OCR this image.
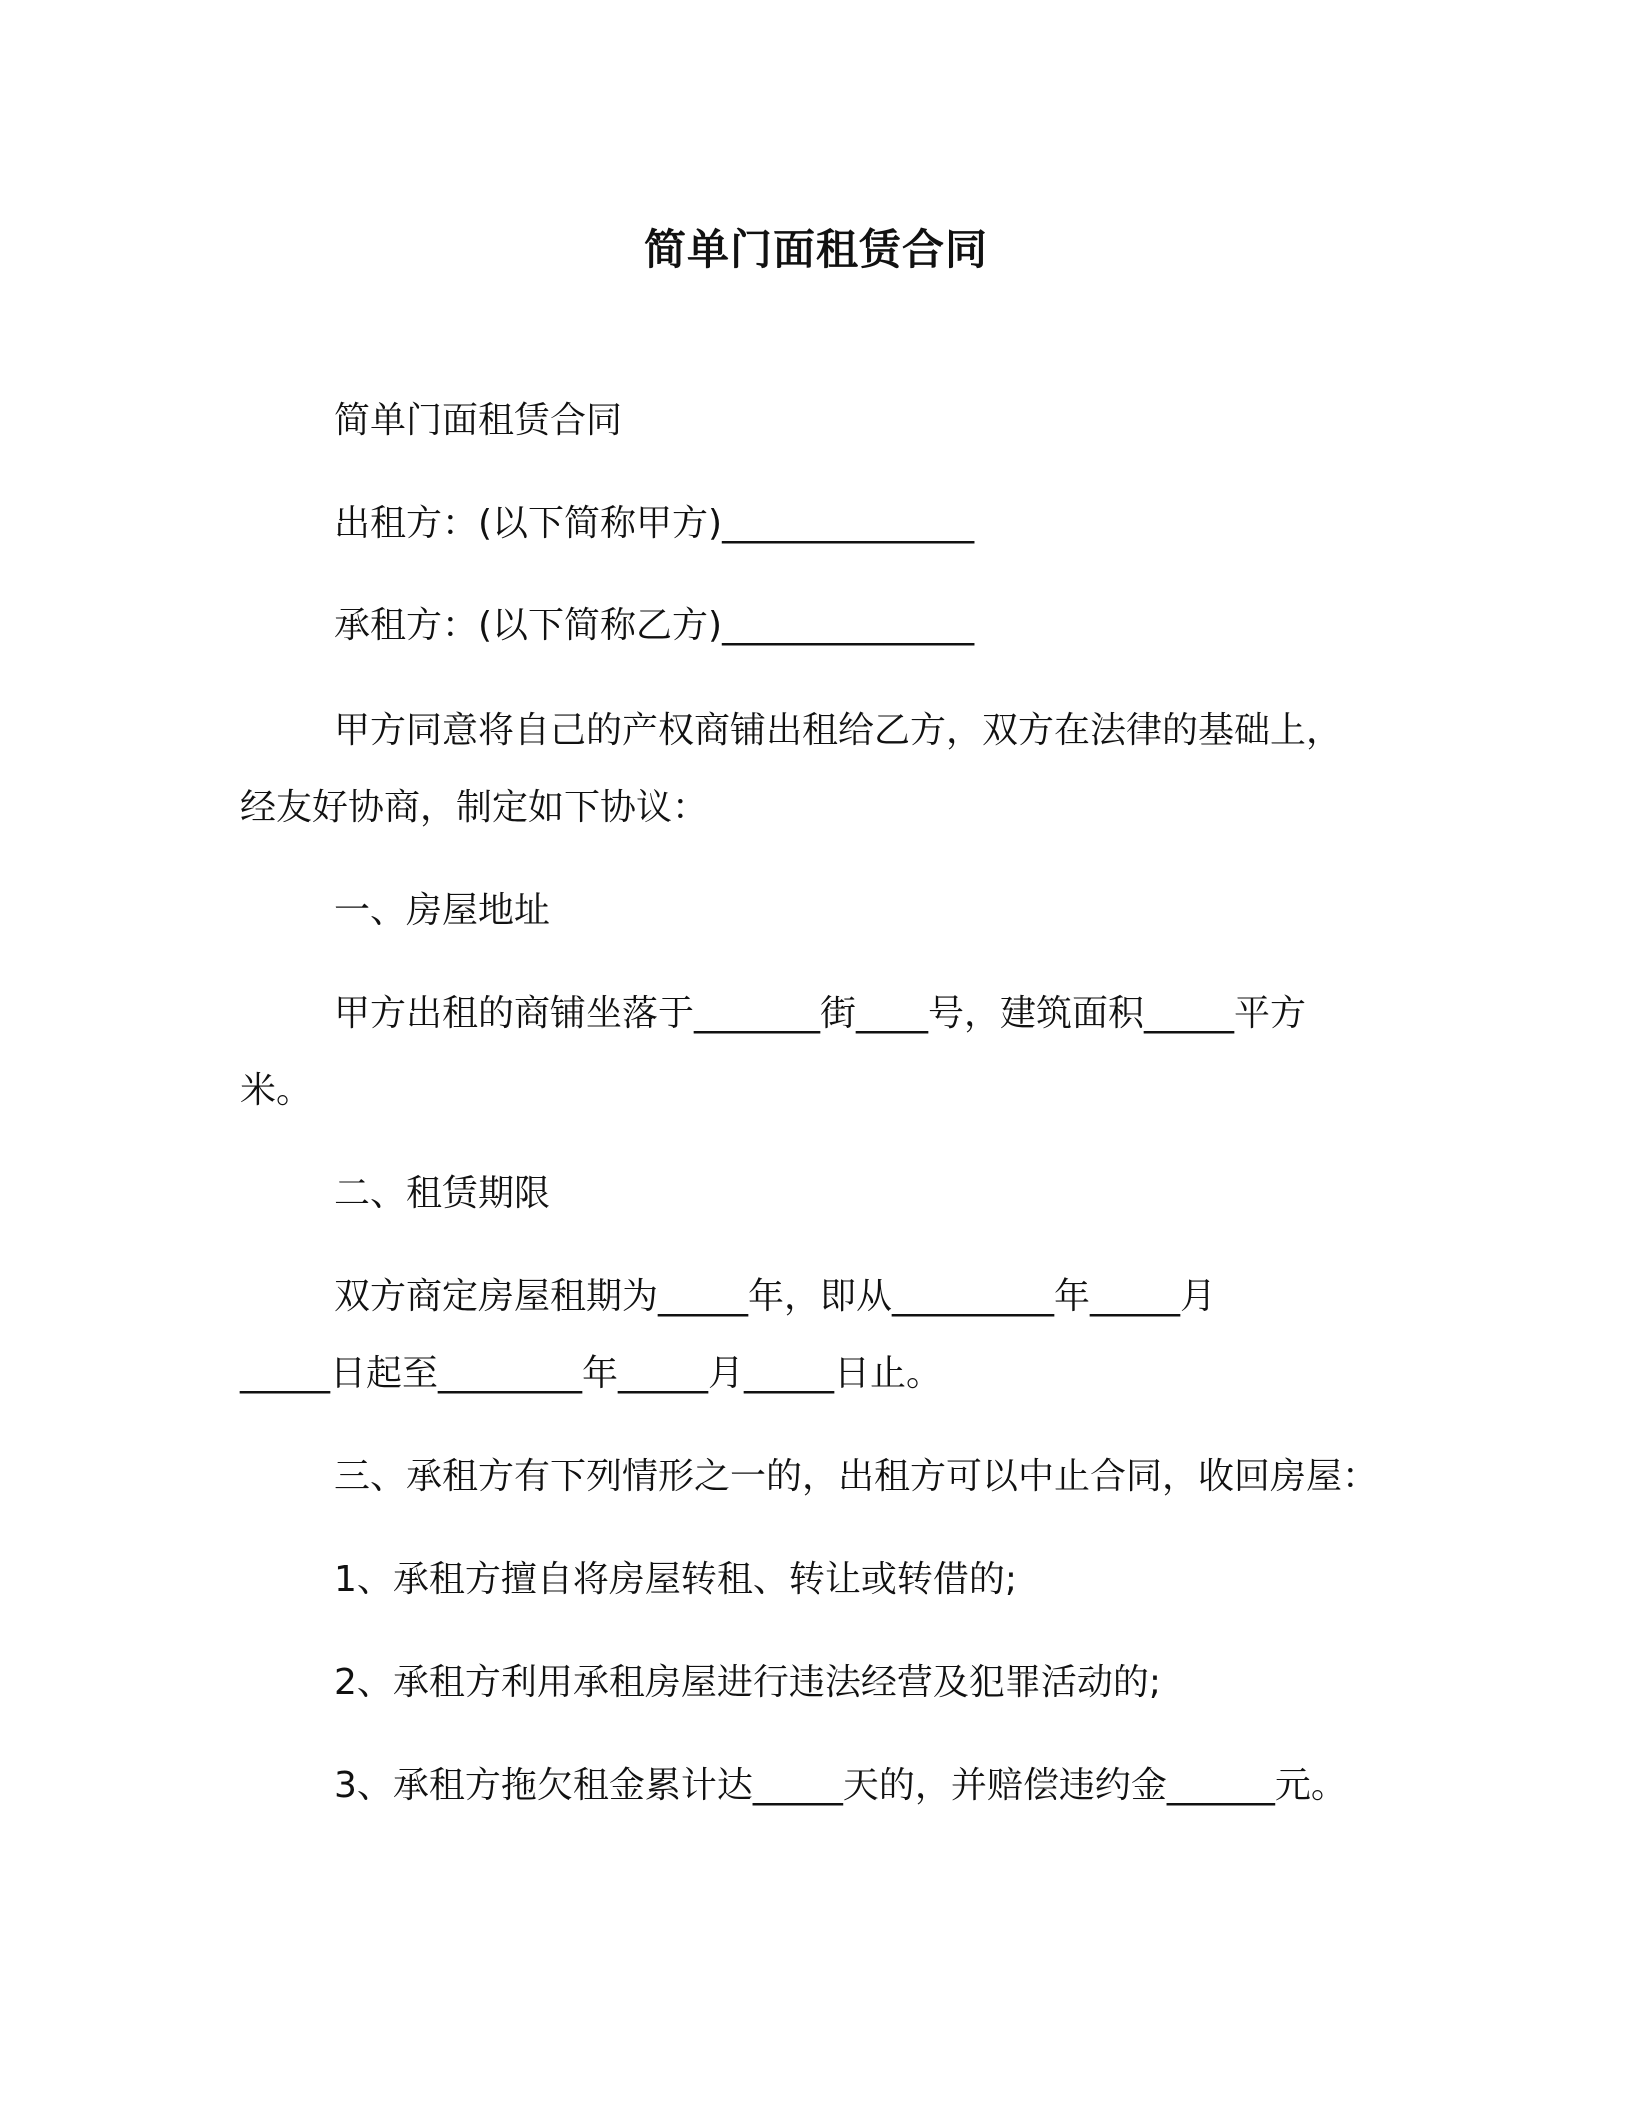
简单门面租赁合同

简单门面租赁合同

出租方：(以下简称甲方)______________

承租方：(以下简称乙方)______________

甲方同意将自己的产权商铺出租给乙方，双方在法律的基础上，

经友好协商，制定如下协议：

一、房屋地址

甲方出租的商铺坐落于_______街____号，建筑面积_____平方

米。

二、租赁期限

双方商定房屋租期为_____年，即从_________年_____月

_____日起至________年_____月_____日止。

三、承租方有下列情形之一的，出租方可以中止合同，收回房屋：

1、承租方擅自将房屋转租、转让或转借的;

2、承租方利用承租房屋进行违法经营及犯罪活动的;

3、承租方拖欠租金累计达_____天的，并赔偿违约金______元。
